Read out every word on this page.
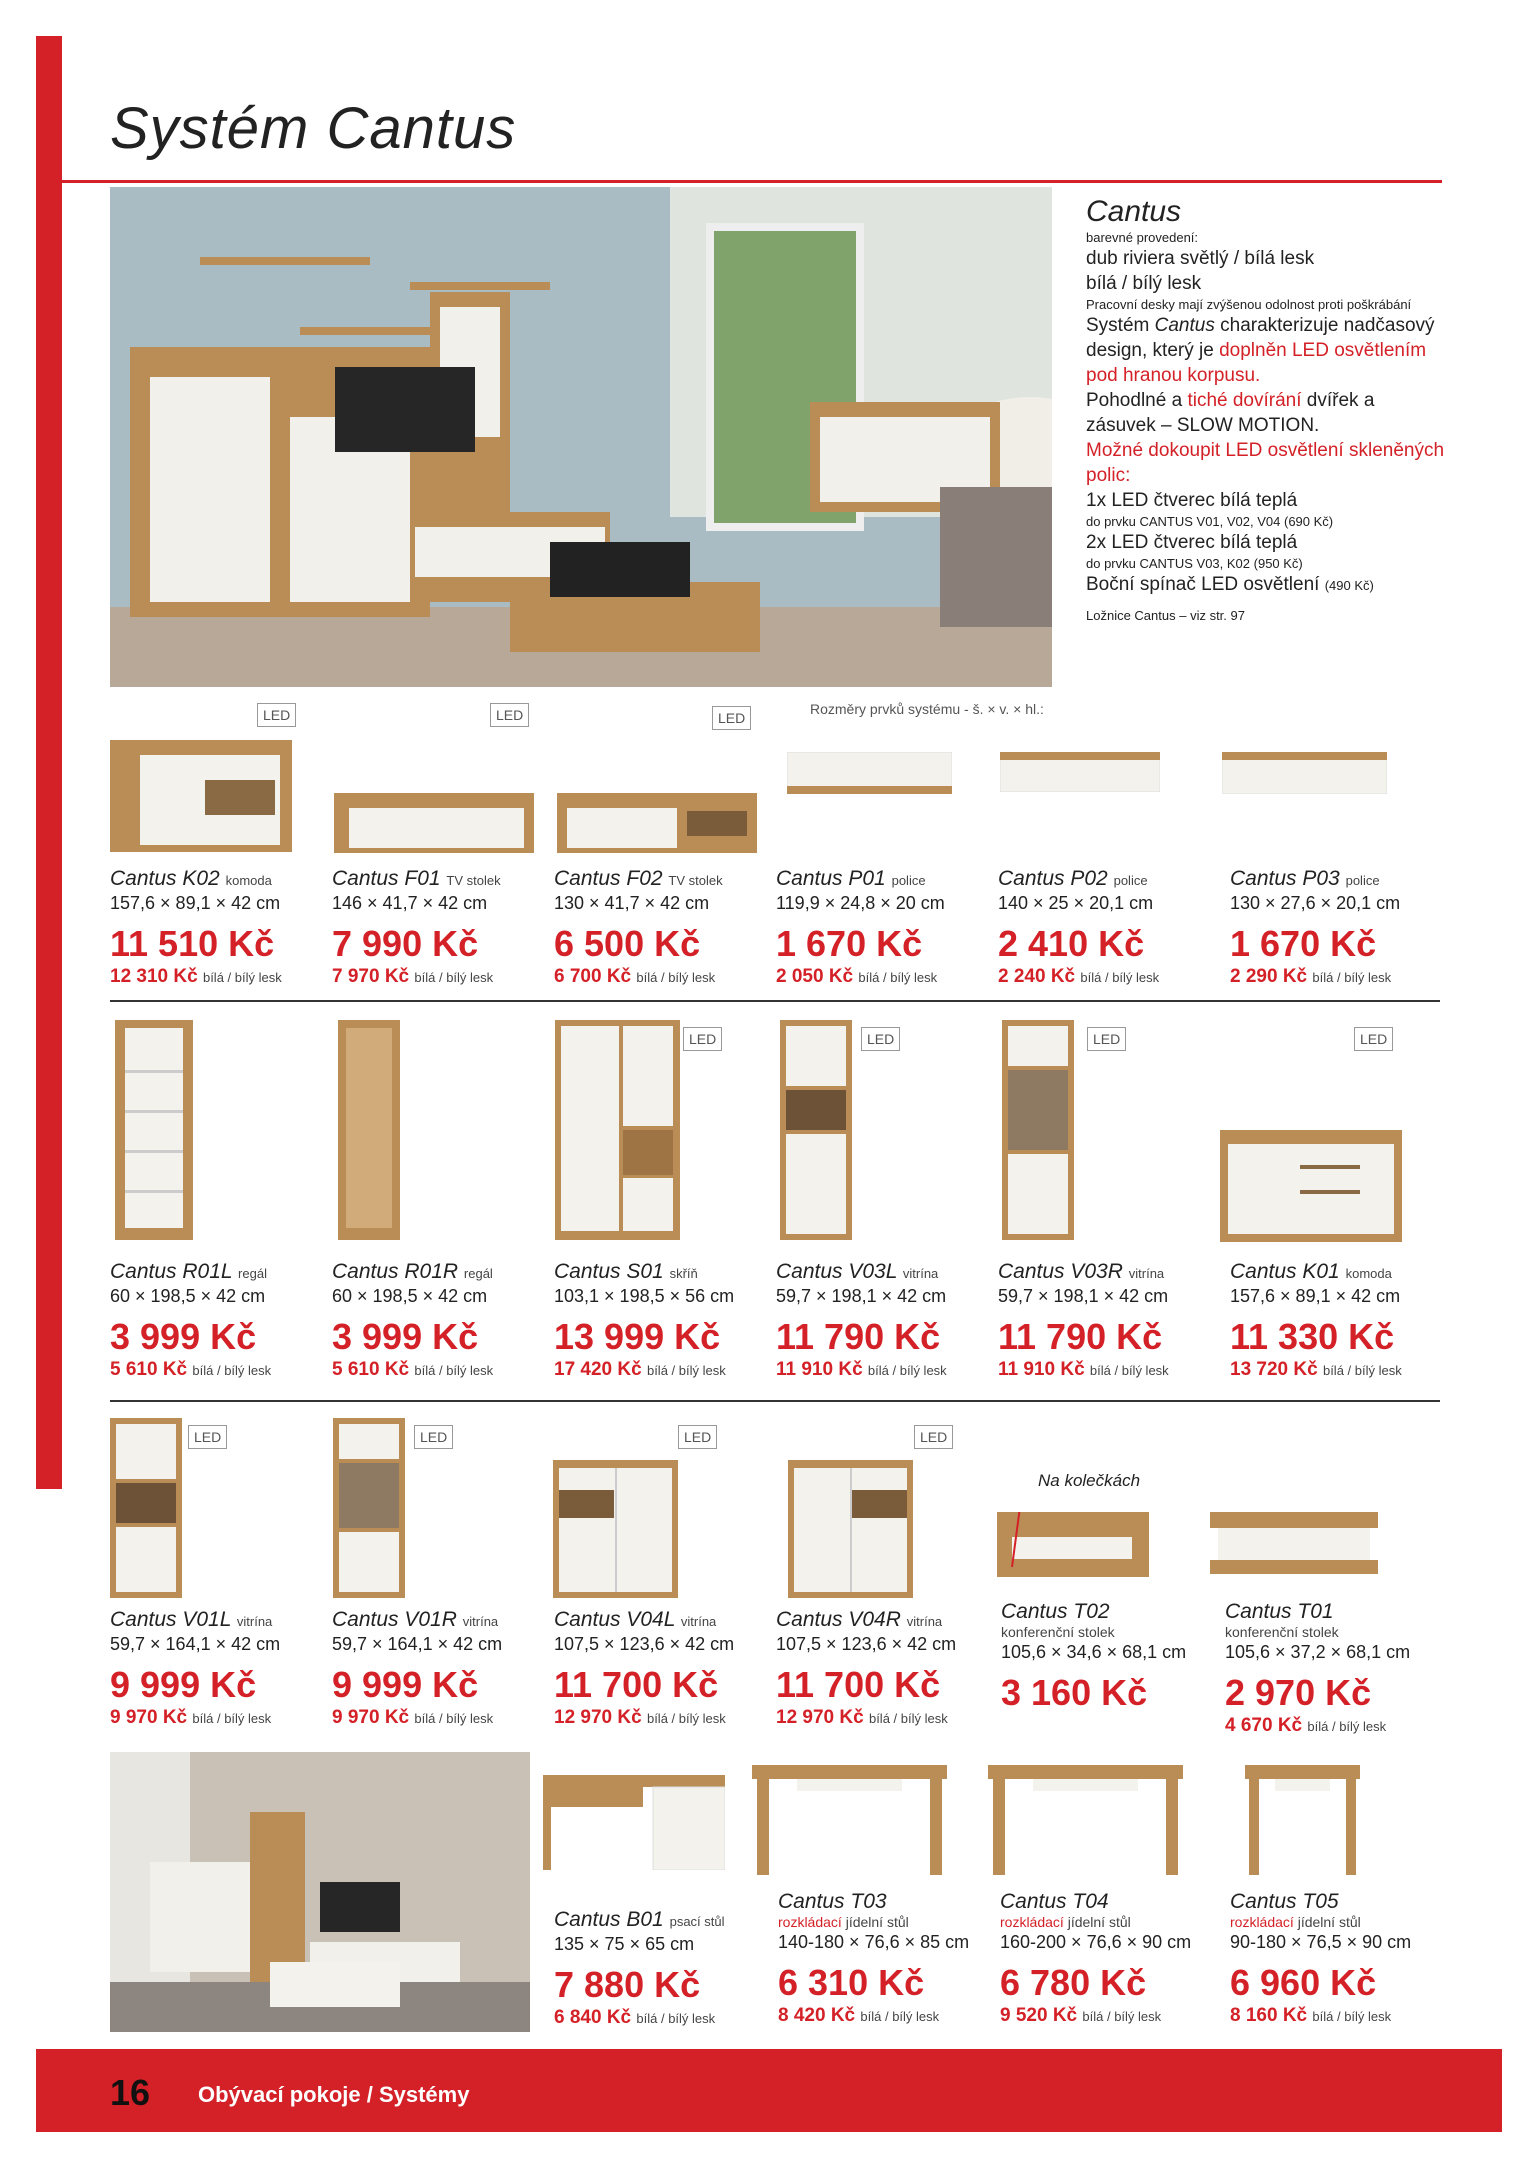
Systém Cantus
Cantus
barevné provedení:
dub riviera světlý / bílá lesk
bílá / bílý lesk
Pracovní desky mají zvýšenou odolnost proti poškrábání
Systém Cantus charakterizuje nadčasový design, který je doplněn LED osvětlením pod hranou korpusu.
Pohodlné a tiché dovírání dvířek a zásuvek – SLOW MOTION.
Možné dokoupit LED osvětlení skleněných polic:
1x LED čtverec bílá teplá
do prvku CANTUS V01, V02, V04 (690 Kč)
2x LED čtverec bílá teplá
do prvku CANTUS V03, K02 (950 Kč)
Boční spínač LED osvětlení (490 Kč)
Ložnice Cantus – viz str. 97
Rozměry prvků systému - š. × v. × hl.:
LED	LED	LED
LED	LED	LED	LED
LED	LED	LED	LED
Cantus K02 komoda
157,6 × 89,1 × 42 cm
11 510 Kč
12 310 Kč bílá / bílý lesk
Cantus F01 TV stolek
146 × 41,7 × 42 cm
7 990 Kč
7 970 Kč bílá / bílý lesk
Cantus F02 TV stolek
130 × 41,7 × 42 cm
6 500 Kč
6 700 Kč bílá / bílý lesk
Cantus P01 police
119,9 × 24,8 × 20 cm
1 670 Kč
2 050 Kč bílá / bílý lesk
Cantus P02 police
140 × 25 × 20,1 cm
2 410 Kč
2 240 Kč bílá / bílý lesk
Cantus P03 police
130 × 27,6 × 20,1 cm
1 670 Kč
2 290 Kč bílá / bílý lesk
Cantus R01L regál
60 × 198,5 × 42 cm
3 999 Kč
5 610 Kč bílá / bílý lesk
Cantus R01R regál
60 × 198,5 × 42 cm
3 999 Kč
5 610 Kč bílá / bílý lesk
Cantus S01 skříň
103,1 × 198,5 × 56 cm
13 999 Kč
17 420 Kč bílá / bílý lesk
Cantus V03L vitrína
59,7 × 198,1 × 42 cm
11 790 Kč
11 910 Kč bílá / bílý lesk
Cantus V03R vitrína
59,7 × 198,1 × 42 cm
11 790 Kč
11 910 Kč bílá / bílý lesk
Cantus K01 komoda
157,6 × 89,1 × 42 cm
11 330 Kč
13 720 Kč bílá / bílý lesk
Na kolečkách
Cantus V01L vitrína
59,7 × 164,1 × 42 cm
9 999 Kč
9 970 Kč bílá / bílý lesk
Cantus V01R vitrína
59,7 × 164,1 × 42 cm
9 999 Kč
9 970 Kč bílá / bílý lesk
Cantus V04L vitrína
107,5 × 123,6 × 42 cm
11 700 Kč
12 970 Kč bílá / bílý lesk
Cantus V04R vitrína
107,5 × 123,6 × 42 cm
11 700 Kč
12 970 Kč bílá / bílý lesk
Cantus T02
konferenční stolek
105,6 × 34,6 × 68,1 cm
3 160 Kč
Cantus T01
konferenční stolek
105,6 × 37,2 × 68,1 cm
2 970 Kč
4 670 Kč bílá / bílý lesk
Cantus B01 psací stůl
135 × 75 × 65 cm
7 880 Kč
6 840 Kč bílá / bílý lesk
Cantus T03
rozkládací jídelní stůl
140-180 × 76,6 × 85 cm
6 310 Kč
8 420 Kč bílá / bílý lesk
Cantus T04
rozkládací jídelní stůl
160-200 × 76,6 × 90 cm
6 780 Kč
9 520 Kč bílá / bílý lesk
Cantus T05
rozkládací jídelní stůl
90-180 × 76,5 × 90 cm
6 960 Kč
8 160 Kč bílá / bílý lesk
16 Obývací pokoje / Systémy
